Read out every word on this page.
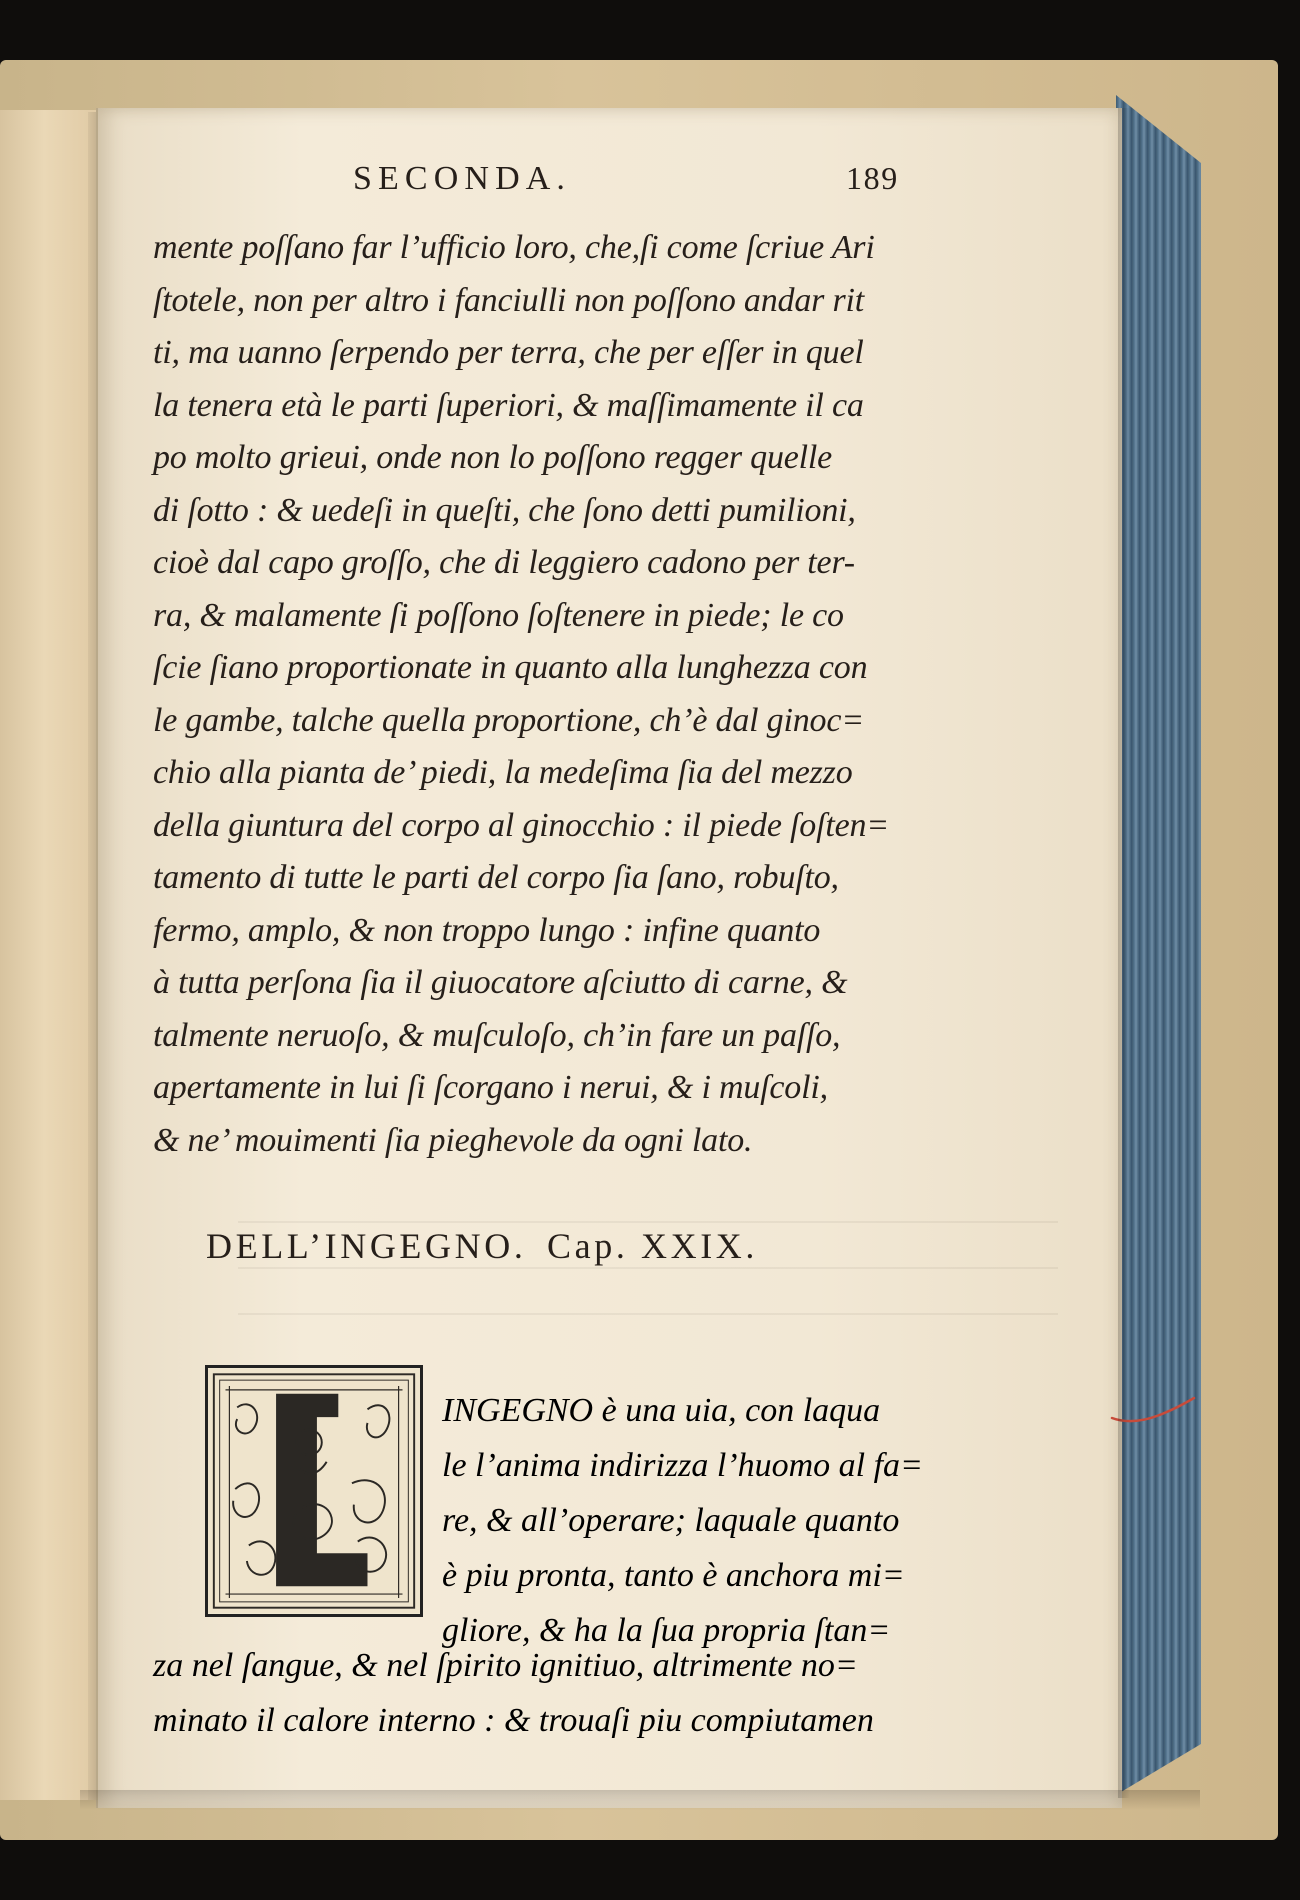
SECONDA.	189
mente poſſano far l’ufficio loro, che,ſi come ſcriue Ari
ſtotele, non per altro i fanciulli non poſſono andar rit
ti, ma uanno ſerpendo per terra, che per eſſer in quel
la tenera età le parti ſuperiori, & maſſimamente il ca
po molto grieui, onde non lo poſſono regger quelle
di ſotto : & uedeſi in queſti, che ſono detti pumilioni,
cioè dal capo groſſo, che di leggiero cadono per ter-
ra, & malamente ſi poſſono ſoſtenere in piede; le co
ſcie ſiano proportionate in quanto alla lunghezza con
le gambe, talche quella proportione, ch’è dal ginoc=
chio alla pianta de’ piedi, la medeſima ſia del mezzo
della giuntura del corpo al ginocchio : il piede ſoſten=
tamento di tutte le parti del corpo ſia ſano, robuſto,
fermo, amplo, & non troppo lungo : infine quanto
à tutta perſona ſia il giuocatore aſciutto di carne, &
talmente neruoſo, & muſculoſo, ch’in fare un paſſo,
apertamente in lui ſi ſcorgano i nerui, & i muſcoli,
& ne’ mouimenti ſia pieghevole da ogni lato.
DELL’INGEGNO. Cap. XXIX.
INGEGNO è una uia, con laqua
le l’anima indirizza l’huomo al fa=
re, & all’operare; laquale quanto
è piu pronta, tanto è anchora mi=
gliore, & ha la ſua propria ſtan=
za nel ſangue, & nel ſpirito ignitiuo, altrimente no=
minato il calore interno : & trouaſi piu compiutamen
